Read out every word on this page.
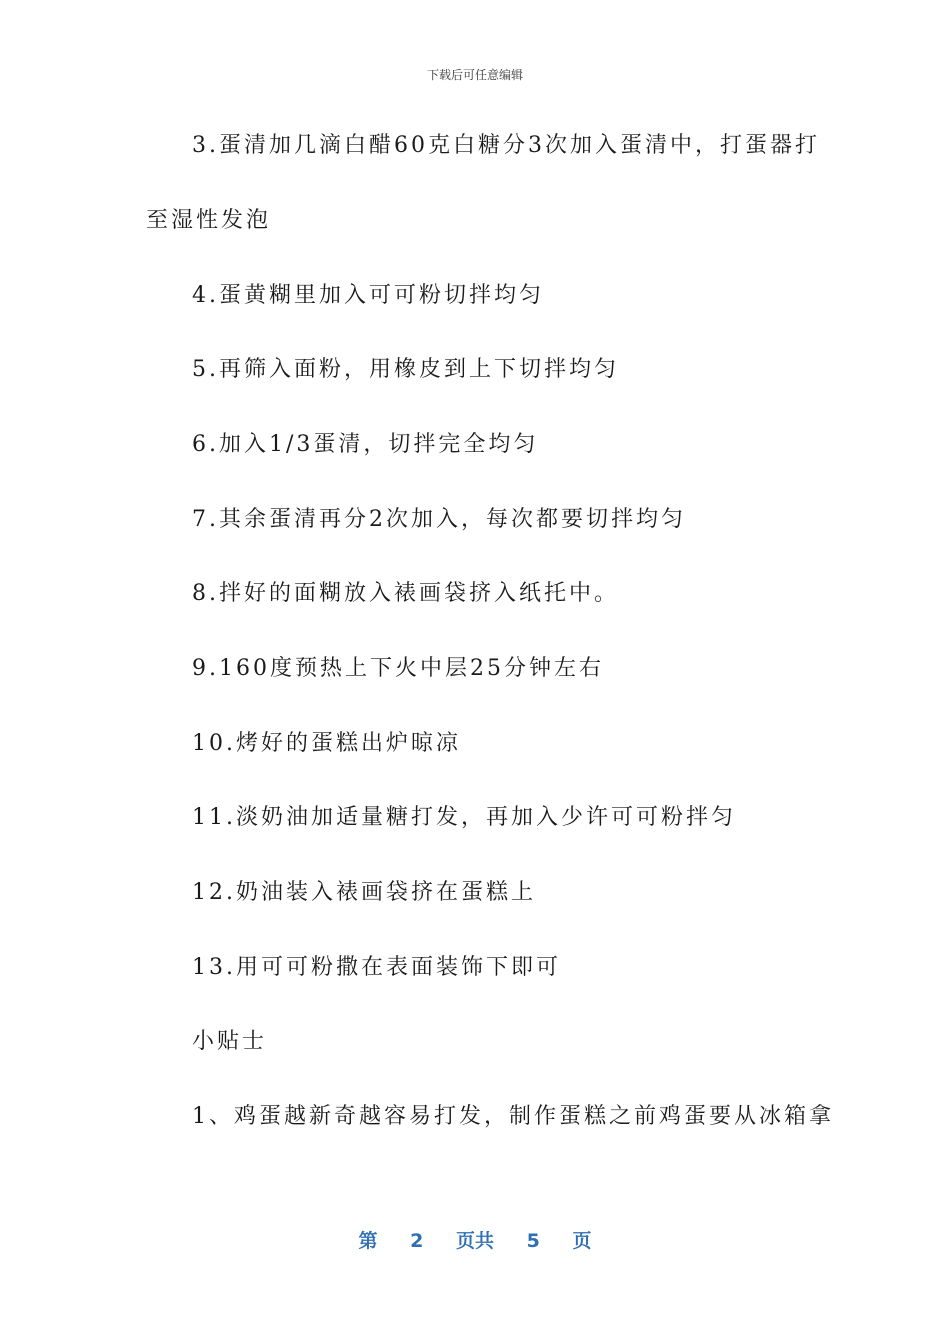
下载后可任意编辑
3.蛋清加几滴白醋60克白糖分3次加入蛋清中，打蛋器打
至湿性发泡
4.蛋黄糊里加入可可粉切拌均匀
5.再筛入面粉，用橡皮到上下切拌均匀
6.加入1/3蛋清，切拌完全均匀
7.其余蛋清再分2次加入，每次都要切拌均匀
8.拌好的面糊放入裱画袋挤入纸托中。
9.160度预热上下火中层25分钟左右
10.烤好的蛋糕出炉晾凉
11.淡奶油加适量糖打发，再加入少许可可粉拌匀
12.奶油装入裱画袋挤在蛋糕上
13.用可可粉撒在表面装饰下即可
小贴士
1、鸡蛋越新奇越容易打发，制作蛋糕之前鸡蛋要从冰箱拿
第 2 页共 5 页
